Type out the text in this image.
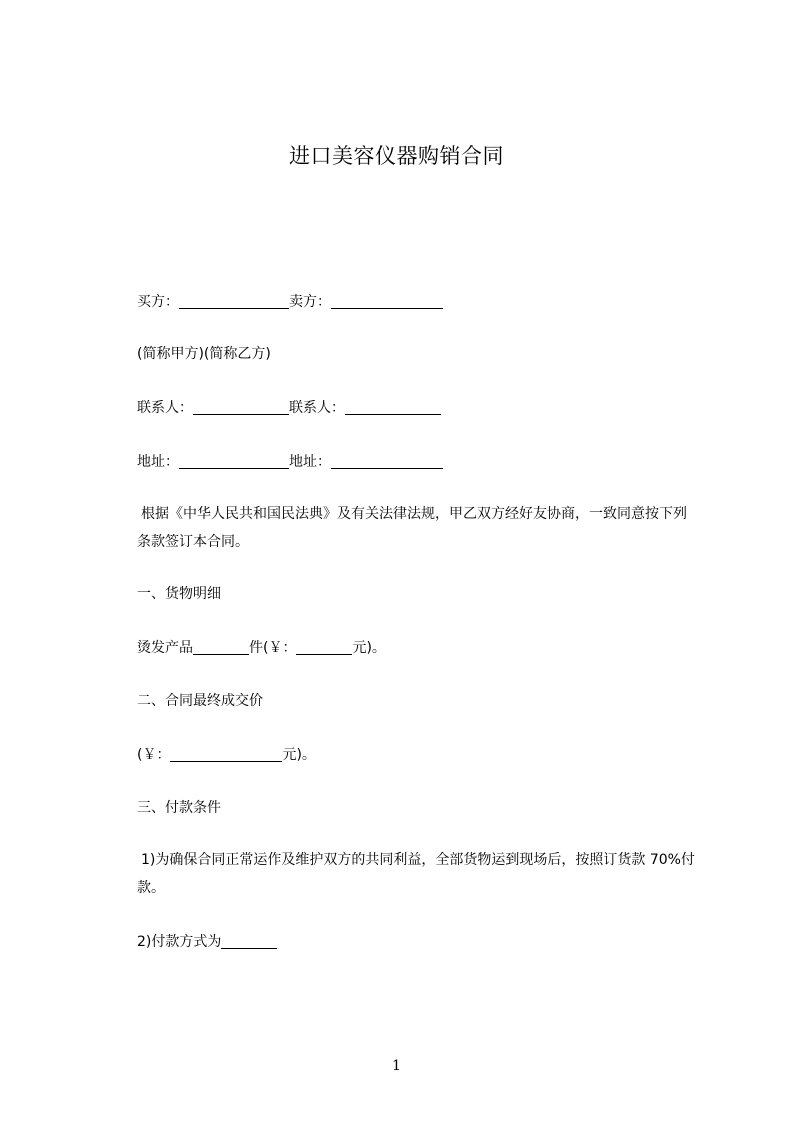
进口美容仪器购销合同
买方：	卖方：
(简称甲方)(简称乙方)
联系人：	联系人：
地址：	地址：
根据《中华人民共和国民法典》及有关法律法规，甲乙双方经好友协商，一致同意按下列条款签订本合同。
一、货物明细
烫发产品	件(￥：	元)。
二、合同最终成交价
(￥：	元)。
三、付款条件
1)为确保合同正常运作及维护双方的共同利益，全部货物运到现场后，按照订货款 70%付款。
2)付款方式为
1
